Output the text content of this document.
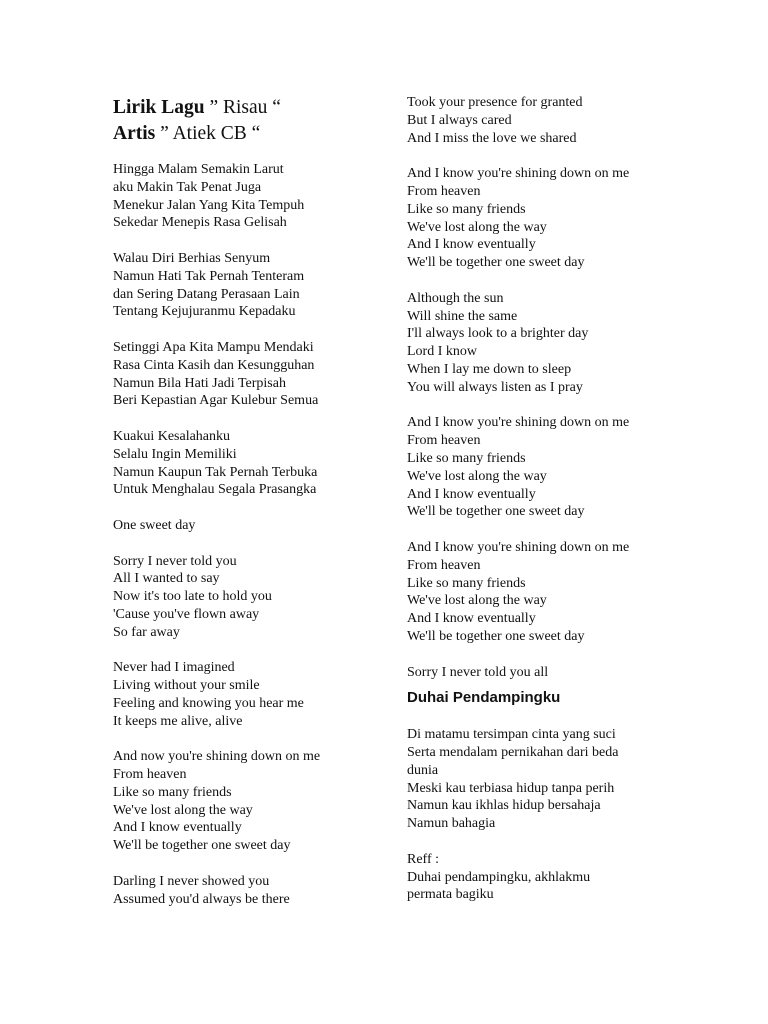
Lirik Lagu ” Risau “
Artis ” Atiek CB “
Hingga Malam Semakin Larut
aku Makin Tak Penat Juga
Menekur Jalan Yang Kita Tempuh
Sekedar Menepis Rasa Gelisah
Walau Diri Berhias Senyum
Namun Hati Tak Pernah Tenteram
dan Sering Datang Perasaan Lain
Tentang Kejujuranmu Kepadaku
Setinggi Apa Kita Mampu Mendaki
Rasa Cinta Kasih dan Kesungguhan
Namun Bila Hati Jadi Terpisah
Beri Kepastian Agar Kulebur Semua
Kuakui Kesalahanku
Selalu Ingin Memiliki
Namun Kaupun Tak Pernah Terbuka
Untuk Menghalau Segala Prasangka
One sweet day
Sorry I never told you
All I wanted to say
Now it's too late to hold you
'Cause you've flown away
So far away
Never had I imagined
Living without your smile
Feeling and knowing you hear me
It keeps me alive, alive
And now you're shining down on me
From heaven
Like so many friends
We've lost along the way
And I know eventually
We'll be together one sweet day
Darling I never showed you
Assumed you'd always be there
Took your presence for granted
But I always cared
And I miss the love we shared
And I know you're shining down on me
From heaven
Like so many friends
We've lost along the way
And I know eventually
We'll be together one sweet day
Although the sun
Will shine the same
I'll always look to a brighter day
Lord I know
When I lay me down to sleep
You will always listen as I pray
And I know you're shining down on me
From heaven
Like so many friends
We've lost along the way
And I know eventually
We'll be together one sweet day
And I know you're shining down on me
From heaven
Like so many friends
We've lost along the way
And I know eventually
We'll be together one sweet day
Sorry I never told you all
Duhai Pendampingku
Di matamu tersimpan cinta yang suci
Serta mendalam pernikahan dari beda
dunia
Meski kau terbiasa hidup tanpa perih
Namun kau ikhlas hidup bersahaja
Namun bahagia
Reff :
Duhai pendampingku, akhlakmu
permata bagiku
